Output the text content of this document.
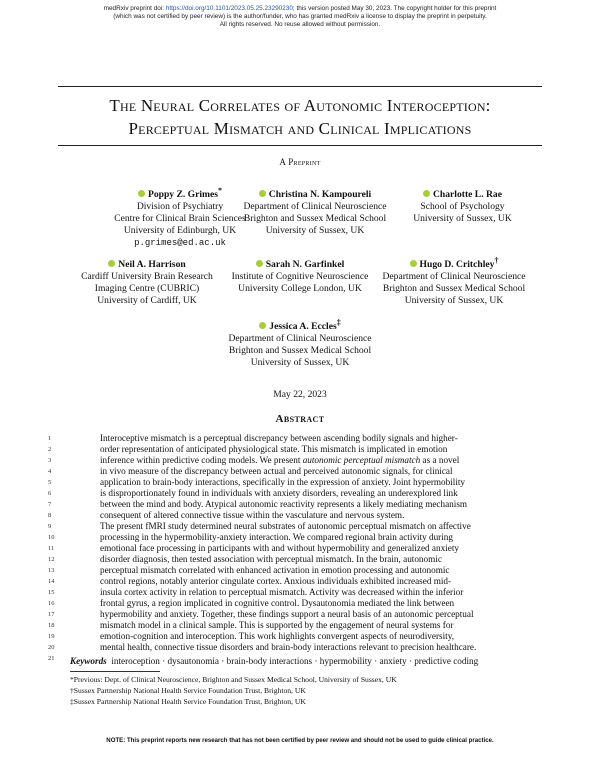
medRxiv preprint doi: https://doi.org/10.1101/2023.05.25.23290230; this version posted May 30, 2023. The copyright holder for this preprint
(which was not certified by peer review) is the author/funder, who has granted medRxiv a license to display the preprint in perpetuity.
All rights reserved. No reuse allowed without permission.
The Neural Correlates of Autonomic Interoception:
Perceptual Mismatch and Clinical Implications
A Preprint
Poppy Z. Grimes*
Division of Psychiatry
Centre for Clinical Brain Sciences
University of Edinburgh, UK
p.grimes@ed.ac.uk
Christina N. Kampoureli
Department of Clinical Neuroscience
Brighton and Sussex Medical School
University of Sussex, UK
Charlotte L. Rae
School of Psychology
University of Sussex, UK
Neil A. Harrison
Cardiff University Brain Research
Imaging Centre (CUBRIC)
University of Cardiff, UK
Sarah N. Garfinkel
Institute of Cognitive Neuroscience
University College London, UK
Hugo D. Critchley†
Department of Clinical Neuroscience
Brighton and Sussex Medical School
University of Sussex, UK
Jessica A. Eccles‡
Department of Clinical Neuroscience
Brighton and Sussex Medical School
University of Sussex, UK
May 22, 2023
Abstract
1
2
3
4
5
6
7
8
9
10
11
12
13
14
15
16
17
18
19
20
21
Interoceptive mismatch is a perceptual discrepancy between ascending bodily signals and higher-
order representation of anticipated physiological state. This mismatch is implicated in emotion
inference within predictive coding models. We present autonomic perceptual mismatch as a novel
in vivo measure of the discrepancy between actual and perceived autonomic signals, for clinical
application to brain-body interactions, specifically in the expression of anxiety. Joint hypermobility
is disproportionately found in individuals with anxiety disorders, revealing an underexplored link
between the mind and body. Atypical autonomic reactivity represents a likely mediating mechanism
consequent of altered connective tissue within the vasculature and nervous system.
The present fMRI study determined neural substrates of autonomic perceptual mismatch on affective
processing in the hypermobility-anxiety interaction. We compared regional brain activity during
emotional face processing in participants with and without hypermobility and generalized anxiety
disorder diagnosis, then tested association with perceptual mismatch. In the brain, autonomic
perceptual mismatch correlated with enhanced activation in emotion processing and autonomic
control regions, notably anterior cingulate cortex. Anxious individuals exhibited increased mid-
insula cortex activity in relation to perceptual mismatch. Activity was decreased within the inferior
frontal gyrus, a region implicated in cognitive control. Dysautonomia mediated the link between
hypermobility and anxiety. Together, these findings support a neural basis of an autonomic perceptual
mismatch model in a clinical sample. This is supported by the engagement of neural systems for
emotion-cognition and interoception. This work highlights convergent aspects of neurodiversity,
mental health, connective tissue disorders and brain-body interactions relevant to precision healthcare.
Keywords interoception · dysautonomia · brain-body interactions · hypermobility · anxiety · predictive coding
*Previous: Dept. of Clinical Neuroscience, Brighton and Sussex Medical School, University of Sussex, UK
†Sussex Partnership National Health Service Foundation Trust, Brighton, UK
‡Sussex Partnership National Health Service Foundation Trust, Brighton, UK
NOTE: This preprint reports new research that has not been certified by peer review and should not be used to guide clinical practice.
